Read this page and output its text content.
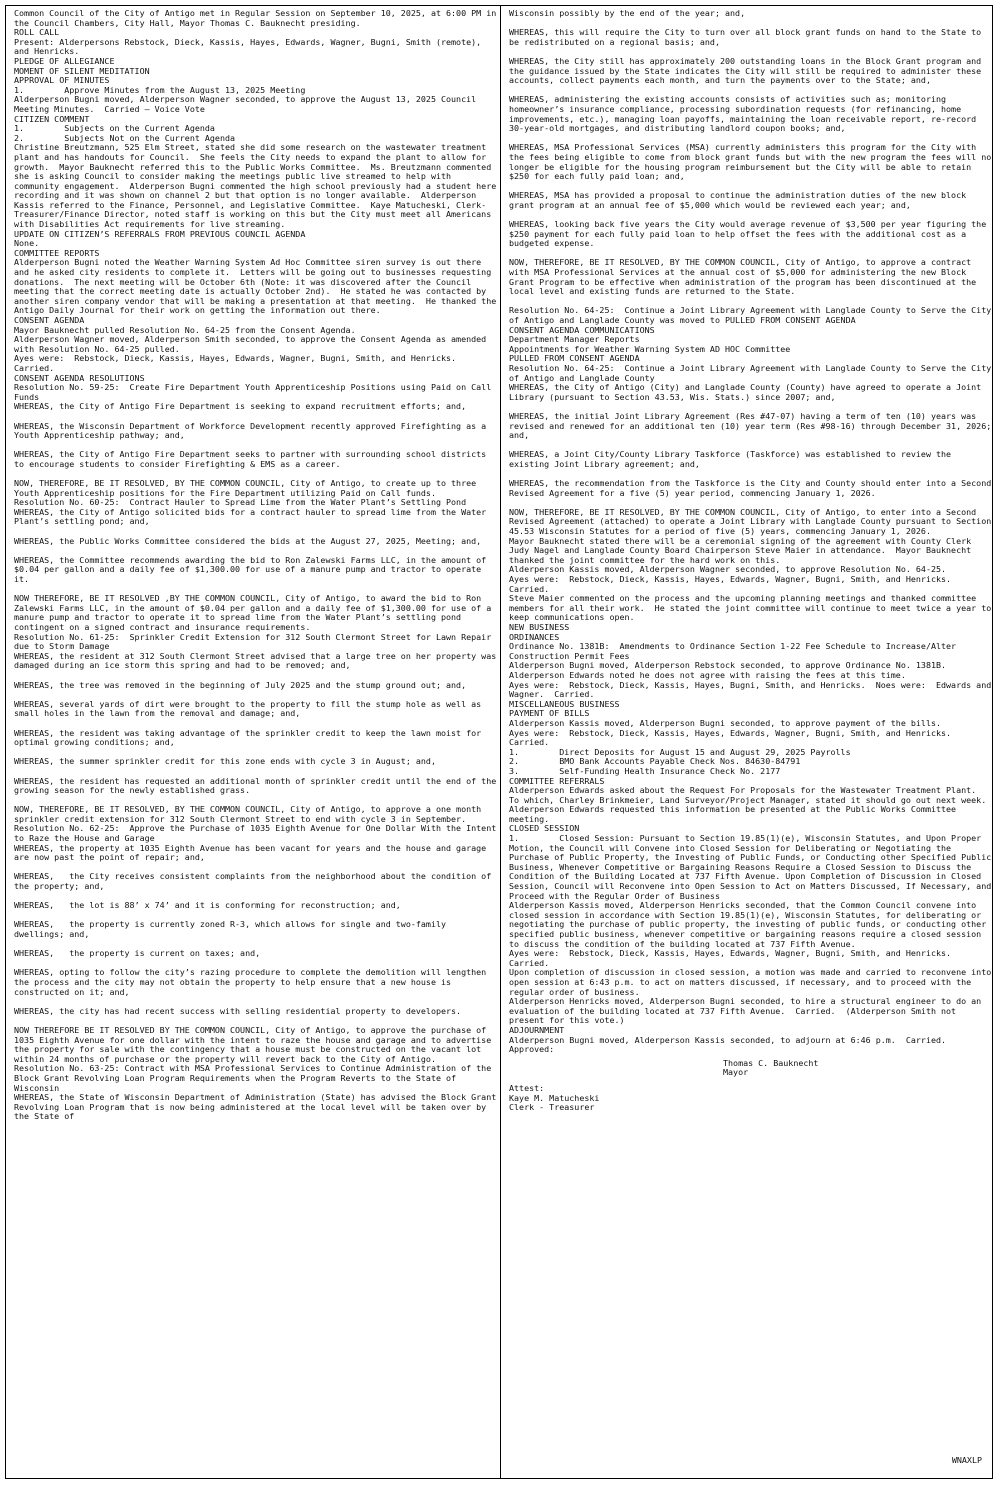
Common Council of the City of Antigo met in Regular Session on September 10, 2025, at 6:00 PM in the Council Chambers, City Hall, Mayor Thomas C. Bauknecht presiding.

ROLL CALL

Present: Alderpersons Rebstock, Dieck, Kassis, Hayes, Edwards, Wagner, Bugni, Smith (remote), and Henricks.

PLEDGE OF ALLEGIANCE

MOMENT OF SILENT MEDITATION

APPROVAL OF MINUTES

1.        Approve Minutes from the August 13, 2025 Meeting

Alderperson Bugni moved, Alderperson Wagner seconded, to approve the August 13, 2025 Council Meeting Minutes.  Carried – Voice Vote

CITIZEN COMMENT

1.        Subjects on the Current Agenda

2.        Subjects Not on the Current Agenda

Christine Breutzmann, 525 Elm Street, stated she did some research on the wastewater treatment plant and has handouts for Council.  She feels the City needs to expand the plant to allow for growth.  Mayor Bauknecht referred this to the Public Works Committee.  Ms. Breutzmann commented she is asking Council to consider making the meetings public live streamed to help with community engagement.  Alderperson Bugni commented the high school previously had a student here recording and it was shown on channel 2 but that option is no longer available.  Alderperson Kassis referred to the Finance, Personnel, and Legislative Committee.  Kaye Matucheski, Clerk-Treasurer/Finance Director, noted staff is working on this but the City must meet all Americans with Disabilities Act requirements for live streaming.

UPDATE ON CITIZEN’S REFERRALS FROM PREVIOUS COUNCIL AGENDA

None.

COMMITTEE REPORTS

Alderperson Bugni noted the Weather Warning System Ad Hoc Committee siren survey is out there and he asked city residents to complete it.  Letters will be going out to businesses requesting donations.  The next meeting will be October 6th (Note: it was discovered after the Council meeting that the correct meeting date is actually October 2nd).  He stated he was contacted by another siren company vendor that will be making a presentation at that meeting.  He thanked the Antigo Daily Journal for their work on getting the information out there.

CONSENT AGENDA

Mayor Bauknecht pulled Resolution No. 64-25 from the Consent Agenda.

Alderperson Wagner moved, Alderperson Smith seconded, to approve the Consent Agenda as amended with Resolution No. 64-25 pulled.

Ayes were:  Rebstock, Dieck, Kassis, Hayes, Edwards, Wagner, Bugni, Smith, and Henricks.  Carried.

CONSENT AGENDA RESOLUTIONS

Resolution No. 59-25:  Create Fire Department Youth Apprenticeship Positions using Paid on Call Funds

WHEREAS, the City of Antigo Fire Department is seeking to expand recruitment efforts; and,

WHEREAS, the Wisconsin Department of Workforce Development recently approved Firefighting as a Youth Apprenticeship pathway; and,

WHEREAS, the City of Antigo Fire Department seeks to partner with surrounding school districts to encourage students to consider Firefighting & EMS as a career.

NOW, THEREFORE, BE IT RESOLVED, BY THE COMMON COUNCIL, City of Antigo, to create up to three Youth Apprenticeship positions for the Fire Department utilizing Paid on Call funds.

Resolution No. 60-25:  Contract Hauler to Spread Lime from the Water Plant’s Settling Pond

WHEREAS, the City of Antigo solicited bids for a contract hauler to spread lime from the Water Plant’s settling pond; and,

WHEREAS, the Public Works Committee considered the bids at the August 27, 2025, Meeting; and,

WHEREAS, the Committee recommends awarding the bid to Ron Zalewski Farms LLC, in the amount of $0.04 per gallon and a daily fee of $1,300.00 for use of a manure pump and tractor to operate it.

NOW THEREFORE, BE IT RESOLVED ,BY THE COMMON COUNCIL, City of Antigo, to award the bid to Ron Zalewski Farms LLC, in the amount of $0.04 per gallon and a daily fee of $1,300.00 for use of a manure pump and tractor to operate it to spread lime from the Water Plant’s settling pond contingent on a signed contract and insurance requirements.

Resolution No. 61-25:  Sprinkler Credit Extension for 312 South Clermont Street for Lawn Repair due to Storm Damage

WHEREAS, the resident at 312 South Clermont Street advised that a large tree on her property was damaged during an ice storm this spring and had to be removed; and,

WHEREAS, the tree was removed in the beginning of July 2025 and the stump ground out; and,

WHEREAS, several yards of dirt were brought to the property to fill the stump hole as well as small holes in the lawn from the removal and damage; and,

WHEREAS, the resident was taking advantage of the sprinkler credit to keep the lawn moist for optimal growing conditions; and,

WHEREAS, the summer sprinkler credit for this zone ends with cycle 3 in August; and,

WHEREAS, the resident has requested an additional month of sprinkler credit until the end of the growing season for the newly established grass.

NOW, THEREFORE, BE IT RESOLVED, BY THE COMMON COUNCIL, City of Antigo, to approve a one month sprinkler credit extension for 312 South Clermont Street to end with cycle 3 in September.

Resolution No. 62-25:  Approve the Purchase of 1035 Eighth Avenue for One Dollar With the Intent to Raze the House and Garage

WHEREAS, the property at 1035 Eighth Avenue has been vacant for years and the house and garage are now past the point of repair; and,

WHEREAS,   the City receives consistent complaints from the neighborhood about the condition of the property; and,

WHEREAS,   the lot is 88’ x 74’ and it is conforming for reconstruction; and,

WHEREAS,   the property is currently zoned R-3, which allows for single and two-family dwellings; and,

WHEREAS,   the property is current on taxes; and,

WHEREAS, opting to follow the city’s razing procedure to complete the demolition will lengthen the process and the city may not obtain the property to help ensure that a new house is constructed on it; and,

WHEREAS, the city has had recent success with selling residential property to developers.

NOW THEREFORE BE IT RESOLVED BY THE COMMON COUNCIL, City of Antigo, to approve the purchase of 1035 Eighth Avenue for one dollar with the intent to raze the house and garage and to advertise the property for sale with the contingency that a house must be constructed on the vacant lot within 24 months of purchase or the property will revert back to the City of Antigo.

Resolution No. 63-25: Contract with MSA Professional Services to Continue Administration of the Block Grant Revolving Loan Program Requirements when the Program Reverts to the State of Wisconsin

WHEREAS, the State of Wisconsin Department of Administration (State) has advised the Block Grant Revolving Loan Program that is now being administered at the local level will be taken over by the State of

Wisconsin possibly by the end of the year; and,

WHEREAS, this will require the City to turn over all block grant funds on hand to the State to be redistributed on a regional basis; and,

WHEREAS, the City still has approximately 200 outstanding loans in the Block Grant program and the guidance issued by the State indicates the City will still be required to administer these accounts, collect payments each month, and turn the payments over to the State; and,

WHEREAS, administering the existing accounts consists of activities such as; monitoring homeowner’s insurance compliance, processing subordination requests (for refinancing, home improvements, etc.), managing loan payoffs, maintaining the loan receivable report, re-record 30-year-old mortgages, and distributing landlord coupon books; and,

WHEREAS, MSA Professional Services (MSA) currently administers this program for the City with the fees being eligible to come from block grant funds but with the new program the fees will no longer be eligible for the housing program reimbursement but the City will be able to retain $250 for each fully paid loan; and,

WHEREAS, MSA has provided a proposal to continue the administration duties of the new block grant program at an annual fee of $5,000 which would be reviewed each year; and,

WHEREAS, looking back five years the City would average revenue of $3,500 per year figuring the $250 payment for each fully paid loan to help offset the fees with the additional cost as a budgeted expense.

NOW, THEREFORE, BE IT RESOLVED, BY THE COMMON COUNCIL, City of Antigo, to approve a contract with MSA Professional Services at the annual cost of $5,000 for administering the new Block Grant Program to be effective when administration of the program has been discontinued at the local level and existing funds are returned to the State.

Resolution No. 64-25:  Continue a Joint Library Agreement with Langlade County to Serve the City of Antigo and Langlade County was moved to PULLED FROM CONSENT AGENDA

CONSENT AGENDA COMMUNICATIONS

Department Manager Reports

Appointments for Weather Warning System AD HOC Committee

PULLED FROM CONSENT AGENDA

Resolution No. 64-25:  Continue a Joint Library Agreement with Langlade County to Serve the City of Antigo and Langlade County

WHEREAS, the City of Antigo (City) and Langlade County (County) have agreed to operate a Joint Library (pursuant to Section 43.53, Wis. Stats.) since 2007; and,

WHEREAS, the initial Joint Library Agreement (Res #47-07) having a term of ten (10) years was revised and renewed for an additional ten (10) year term (Res #98-16) through December 31, 2026; and,

WHEREAS, a Joint City/County Library Taskforce (Taskforce) was established to review the existing Joint Library agreement; and,

WHEREAS, the recommendation from the Taskforce is the City and County should enter into a Second Revised Agreement for a five (5) year period, commencing January 1, 2026.

NOW, THEREFORE, BE IT RESOLVED, BY THE COMMON COUNCIL, City of Antigo, to enter into a Second Revised Agreement (attached) to operate a Joint Library with Langlade County pursuant to Section 45.53 Wisconsin Statutes for a period of five (5) years, commencing January 1, 2026.

Mayor Bauknecht stated there will be a ceremonial signing of the agreement with County Clerk Judy Nagel and Langlade County Board Chairperson Steve Maier in attendance.  Mayor Bauknecht thanked the joint committee for the hard work on this.

Alderperson Kassis moved, Alderperson Wagner seconded, to approve Resolution No. 64-25.

Ayes were:  Rebstock, Dieck, Kassis, Hayes, Edwards, Wagner, Bugni, Smith, and Henricks.  Carried.

Steve Maier commented on the process and the upcoming planning meetings and thanked committee members for all their work.  He stated the joint committee will continue to meet twice a year to keep communications open.

NEW BUSINESS

ORDINANCES

Ordinance No. 1381B:  Amendments to Ordinance Section 1-22 Fee Schedule to Increase/Alter Construction Permit Fees

Alderperson Bugni moved, Alderperson Rebstock seconded, to approve Ordinance No. 1381B.

Alderperson Edwards noted he does not agree with raising the fees at this time.

Ayes were:  Rebstock, Dieck, Kassis, Hayes, Bugni, Smith, and Henricks.  Noes were:  Edwards and Wagner.  Carried.

MISCELLANEOUS BUSINESS

PAYMENT OF BILLS

Alderperson Kassis moved, Alderperson Bugni seconded, to approve payment of the bills.

Ayes were:  Rebstock, Dieck, Kassis, Hayes, Edwards, Wagner, Bugni, Smith, and Henricks.  Carried.

1.        Direct Deposits for August 15 and August 29, 2025 Payrolls

2.        BMO Bank Accounts Payable Check Nos. 84630-84791

3.        Self-Funding Health Insurance Check No. 2177

COMMITTEE REFERRALS

Alderperson Edwards asked about the Request For Proposals for the Wastewater Treatment Plant.  To which, Charley Brinkmeier, Land Surveyor/Project Manager, stated it should go out next week.  Alderperson Edwards requested this information be presented at the Public Works Committee meeting.

CLOSED SESSION

1.        Closed Session: Pursuant to Section 19.85(1)(e), Wisconsin Statutes, and Upon Proper Motion, the Council will Convene into Closed Session for Deliberating or Negotiating the Purchase of Public Property, the Investing of Public Funds, or Conducting other Specified Public Business, Whenever Competitive or Bargaining Reasons Require a Closed Session to Discuss the Condition of the Building Located at 737 Fifth Avenue. Upon Completion of Discussion in Closed Session, Council will Reconvene into Open Session to Act on Matters Discussed, If Necessary, and Proceed with the Regular Order of Business

Alderperson Kassis moved, Alderperson Henricks seconded, that the Common Council convene into closed session in accordance with Section 19.85(1)(e), Wisconsin Statutes, for deliberating or negotiating the purchase of public property, the investing of public funds, or conducting other specified public business, whenever competitive or bargaining reasons require a closed session to discuss the condition of the building located at 737 Fifth Avenue.

Ayes were:  Rebstock, Dieck, Kassis, Hayes, Edwards, Wagner, Bugni, Smith, and Henricks.  Carried.

Upon completion of discussion in closed session, a motion was made and carried to reconvene into open session at 6:43 p.m. to act on matters discussed, if necessary, and to proceed with the regular order of business.

Alderperson Henricks moved, Alderperson Bugni seconded, to hire a structural engineer to do an evaluation of the building located at 737 Fifth Avenue.  Carried.  (Alderperson Smith not present for this vote.)

ADJOURNMENT

Alderperson Bugni moved, Alderperson Kassis seconded, to adjourn at 6:46 p.m.  Carried.

Approved:

Thomas C. Bauknecht

Mayor

Attest:

Kaye M. Matucheski

Clerk - Treasurer

WNAXLP
